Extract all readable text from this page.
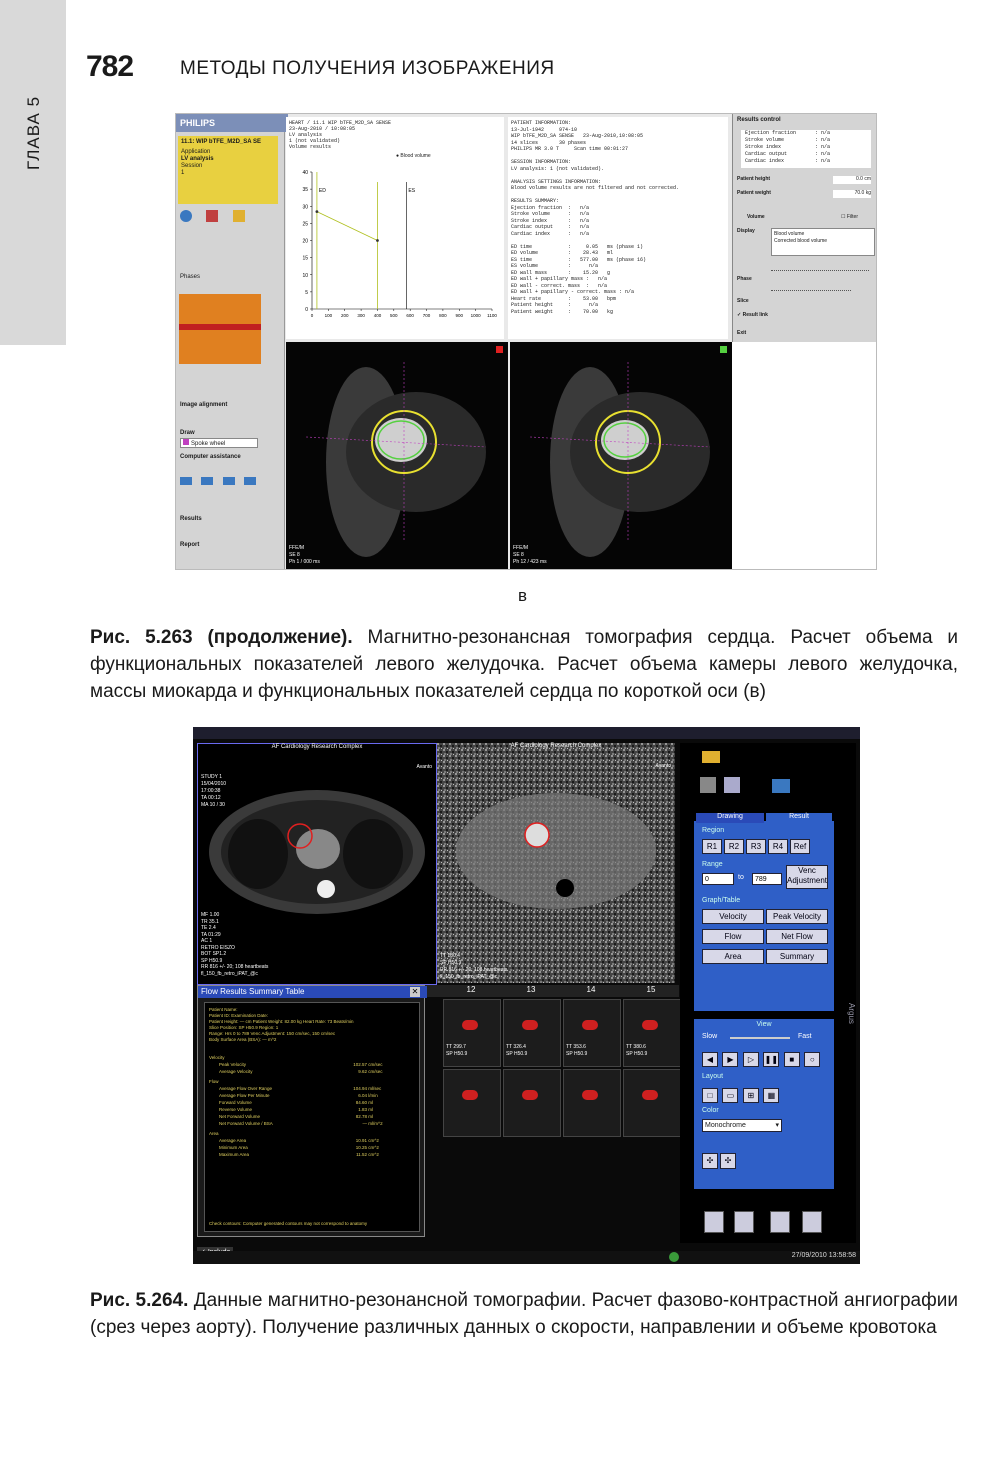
ГЛАВА 5
782 МЕТОДЫ ПОЛУЧЕНИЯ ИЗОБРАЖЕНИЯ
PHILIPS
11.1: WIP bTFE_M2D_SA SE
Application
LV analysis
Session
1

Phases
Image alignment
Draw
Spoke wheel
Computer assistance

Results
Report
HEART / 11.1 WIP bTFE_M2D_SA SENSE
23-Aug-2010 / 10:08:05
LV analysis
1 (not validated)
Volume results
● Blood volume
40
35
30
25
20
15
10
5
0
0	100 200 300 400 500 600 700 800 900 1000 1100
ED	ES
PATIENT INFORMATION:
13-Jul-1942     974-10
WIP bTFE_M2D_SA SENSE   23-Aug-2010,10:08:05
14 slices       30 phases
PHILIPS MR 3.0 T     Scan time 00:01:27

SESSION INFORMATION:
LV analysis: 1 (not validated).

ANALYSIS SETTINGS INFORMATION:
Blood volume results are not filtered and not corrected.

RESULTS SUMMARY:
Ejection fraction  :   n/a
Stroke volume      :   n/a
Stroke index       :   n/a
Cardiac output     :   n/a
Cardiac index      :   n/a

ED time            :     0.05   ms (phase 1)
ED volume          :    28.43   ml
ES time            :   577.00   ms (phase 16)
ES volume          :      n/a
ED wall mass       :    15.20   g
ED wall + papillary mass :   n/a
ED wall - correct. mass  :   n/a
ED wall + papillary - correct. mass : n/a
Heart rate         :    53.00   bpm
Patient height     :      n/a
Patient weight     :    70.00   kg
Results control
Ejection fraction	: n/a
Stroke volume	: n/a
Stroke index	: n/a
Cardiac output	: n/a
Cardiac index	: n/a
Patient height	0.0 cm
Patient weight	70.0 kg
Volume	☐ Filter
Display	Blood volume
Corrected blood volume
Phase
Slice
✓ Result link
Exit
FFE/M
SE 8
Ph 1 / 000 ms
FFE/M
SE 8
Ph 12 / 423 ms
в
Рис. 5.263 (продолжение). Магнитно-резонансная томография сердца. Расчет объема и функциональных показателей левого желудочка. Расчет объема камеры левого желудочка, массы миокарда и функциональных показателей сердца по короткой оси (в)
AF Cardiology Research Complex
STUDY 1
15/04/2010
17:00:38
TA 00:12
MA 10 / 30
Avanto
MF 1.00
TR 35.1
TE 2.4
TA 01:29
AC 1
RETRO EISZO
BOT SP1.2
SP H50.9
RR 816 +/- 20; 108 heartbeats
fl_150_fb_retro_iPAT_@c
AF Cardiology Research Complex
Avanto
TT 180.4
SP H50.9
RR 816 +/- 20; 108 heartbeats
fl_150_fb_retro_iPAT_@c
12
TT 299.7
SP H50.9
13
TT 326.4
SP H50.9
14
TT 353.6
SP H50.9
15
TT 380.6
SP H50.9
Flow Results Summary Table	✕
Patient Name:
Patient ID: Examination Date:
Patient Height: — cm Patient Weight: 82.00 kg Heart Rate: 73 Beats/min
Slice Position: SP H50.9 Region: 1
Range: Hrs 0 to 789 Venc Adjustment: 150 cm/sec, 150 cm/sec
Body Surface Area (BSA): — m^2
Velocity
Peak Velocity	102.57 cm/sec
Average Velocity	9.62 cm/sec
Flow
Average Flow Over Range	104.94 ml/sec
Average Flow Per Minute	6.04 l/min
Forward Volume	84.60 ml
Reverse Volume	1.83 ml
Net Forward Volume	82.78 ml
Net Forward Volume / BSA	— ml/m^2
Area
Average Area	10.91 cm^2
Minimum Area	10.25 cm^2
Maximum Area	11.52 cm^2
Check contours: Computer generated contours may not correspond to anatomy
Drawing	Result
Region
R1	R2	R3	R4	Ref
Range
0
to
789
Venc Adjustment
Graph/Table
Velocity	Peak Velocity
Flow	Net Flow
Area	Summary
View
Slow	Fast
◀ ▶ ▷ ❚❚ ■ ○
Layout
□ ▭ ⊞ ▦
Color
Monochrome	▾
✣	✣
Argus
27/09/2010 13:58:58
Рис. 5.264. Данные магнитно-резонансной томографии. Расчет фазово-контрастной ангиографии (срез через аорту). Получение различных данных о скорости, направлении и объеме кровотока
